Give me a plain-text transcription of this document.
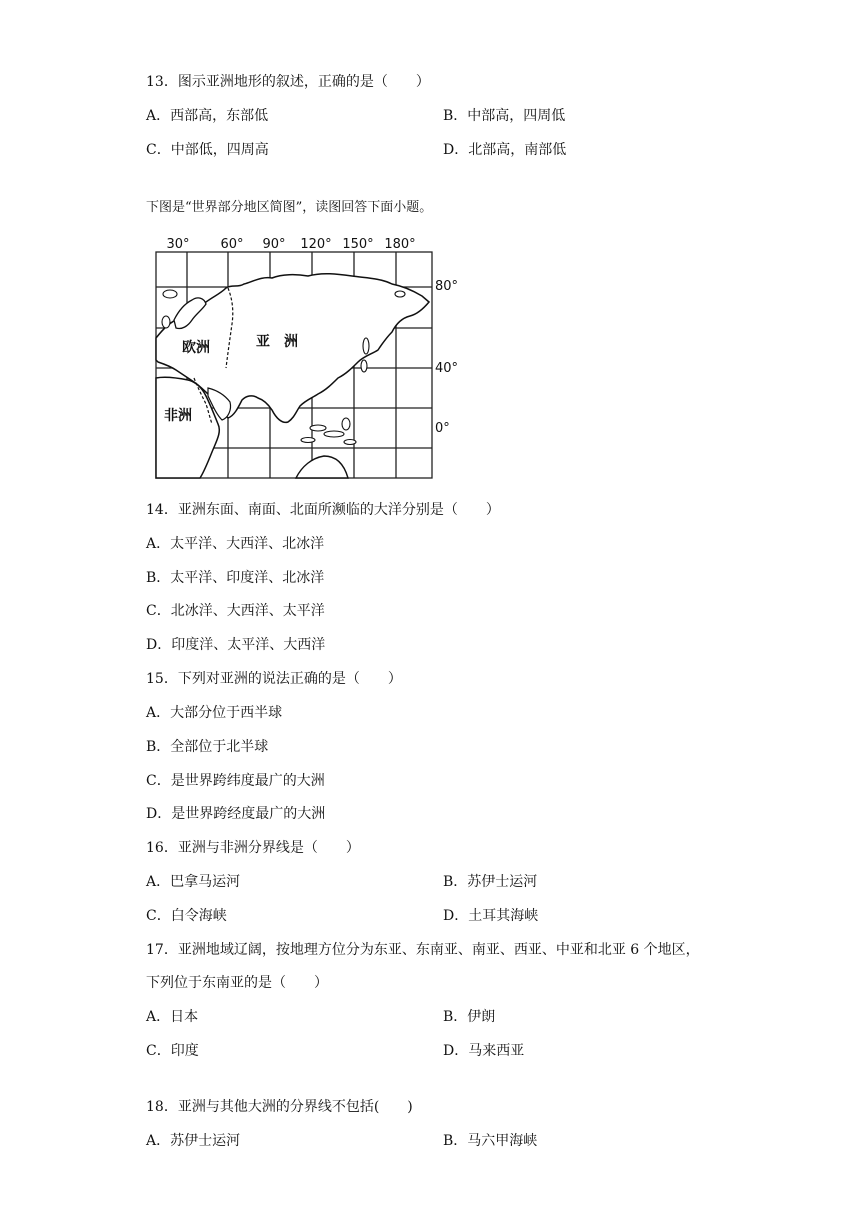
13．图示亚洲地形的叙述，正确的是（　　）
A．西部高，东部低	B．中部高，四周低
C．中部低，四周高	D．北部高，南部低
下图是“世界部分地区简图”，读图回答下面小题。
30° 60° 90° 120° 150° 180°
80°
40°
0°
欧洲	亚　洲
非洲
14．亚洲东面、南面、北面所濒临的大洋分别是（　　）
A．太平洋、大西洋、北冰洋
B．太平洋、印度洋、北冰洋
C．北冰洋、大西洋、太平洋
D．印度洋、太平洋、大西洋
15．下列对亚洲的说法正确的是（　　）
A．大部分位于西半球
B．全部位于北半球
C．是世界跨纬度最广的大洲
D．是世界跨经度最广的大洲
16．亚洲与非洲分界线是（　　）
A．巴拿马运河	B．苏伊士运河
C．白令海峡	D．土耳其海峡
17．亚洲地域辽阔，按地理方位分为东亚、东南亚、南亚、西亚、中亚和北亚 6 个地区，
下列位于东南亚的是（　　）
A．日本	B．伊朗
C．印度	D．马来西亚
18．亚洲与其他大洲的分界线不包括(　　)
A．苏伊士运河	B．马六甲海峡
